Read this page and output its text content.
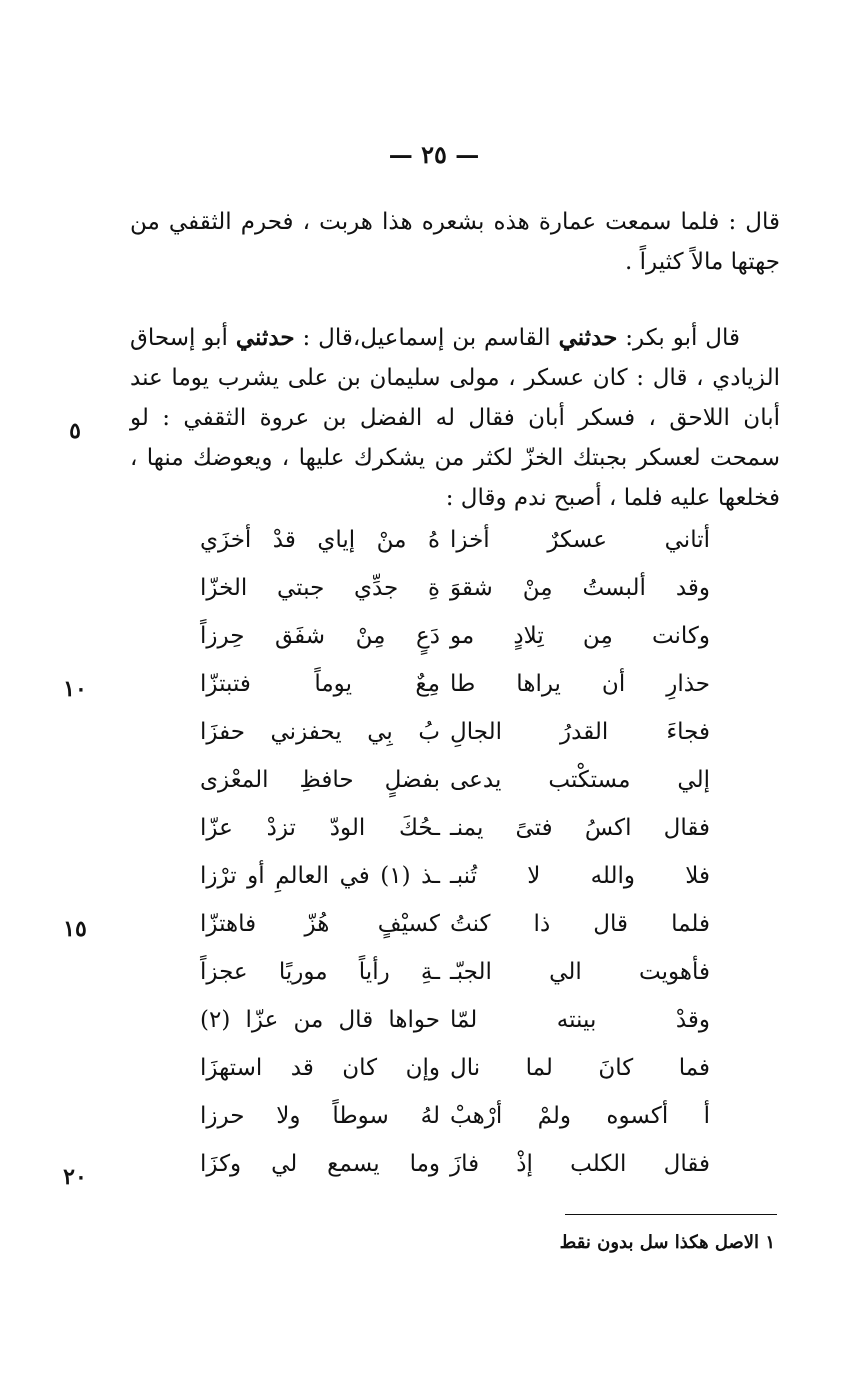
— ٢٥ —

قال : فلما سمعت عمارة هذه بشعره هذا هربت ، فحرم الثقفي من جهتها مالاً كثيراً .

قال أبو بكر: حدثني القاسم بن إسماعيل،قال : حدثني أبو إسحاق الزيادي ، قال : كان عسكر ، مولى سليمان بن على يشرب يوما عند أبان اللاحق ، فسكر أبان فقال له الفضل بن عروة الثقفي : لو سمحت لعسكر بجبتك الخزّ لكثر من يشكرك عليها ، ويعوضك منها ، فخلعها عليه فلما ، أصبح ندم وقال :

أتاني عسكرٌ أخزا
هُ منْ إياي قدْ أخزَي
وقد ألبستُ مِنْ شقوَ
ةِ جدِّي جبتي الخزّا
وكانت مِن تِلادٍ مو
دَعٍ مِنْ شفَق حِرزاً
حذارِ أن يراها طا
مِعٌ يوماً فتبتزّا
فجاءَ القدرُ الجالِ
بُ بِي يحفزني حفزَا
إلي مستكْتب يدعى
بفضلٍ حافظِ المعْزى
فقال اكسُ فتىً يمنـ
ـحُكَ الودّ تزدْ عزّا
فلا والله لا تُنبـ
ـذ (١) في العالمِ أو ترْزا
فلما قال ذا كنتُ
كسيْفٍ هُزّ فاهتزّا
فأهويت الي الجبّـ
ـةِ رأياً موريًا عجزاً
وقدْ بينته لمّا
حواها قال من عزّا (٢)
فما كانَ لما نال
وإن كان قد استهزَا
أ أكسوه ولمْ أرْهبْ
لهُ سوطاً ولا حرزا
فقال الكلب إذْ فازَ
وما يسمع لي وكزَا
٥
١٠
١٥
٢٠
١ الاصل هكذا سل بدون نقط
